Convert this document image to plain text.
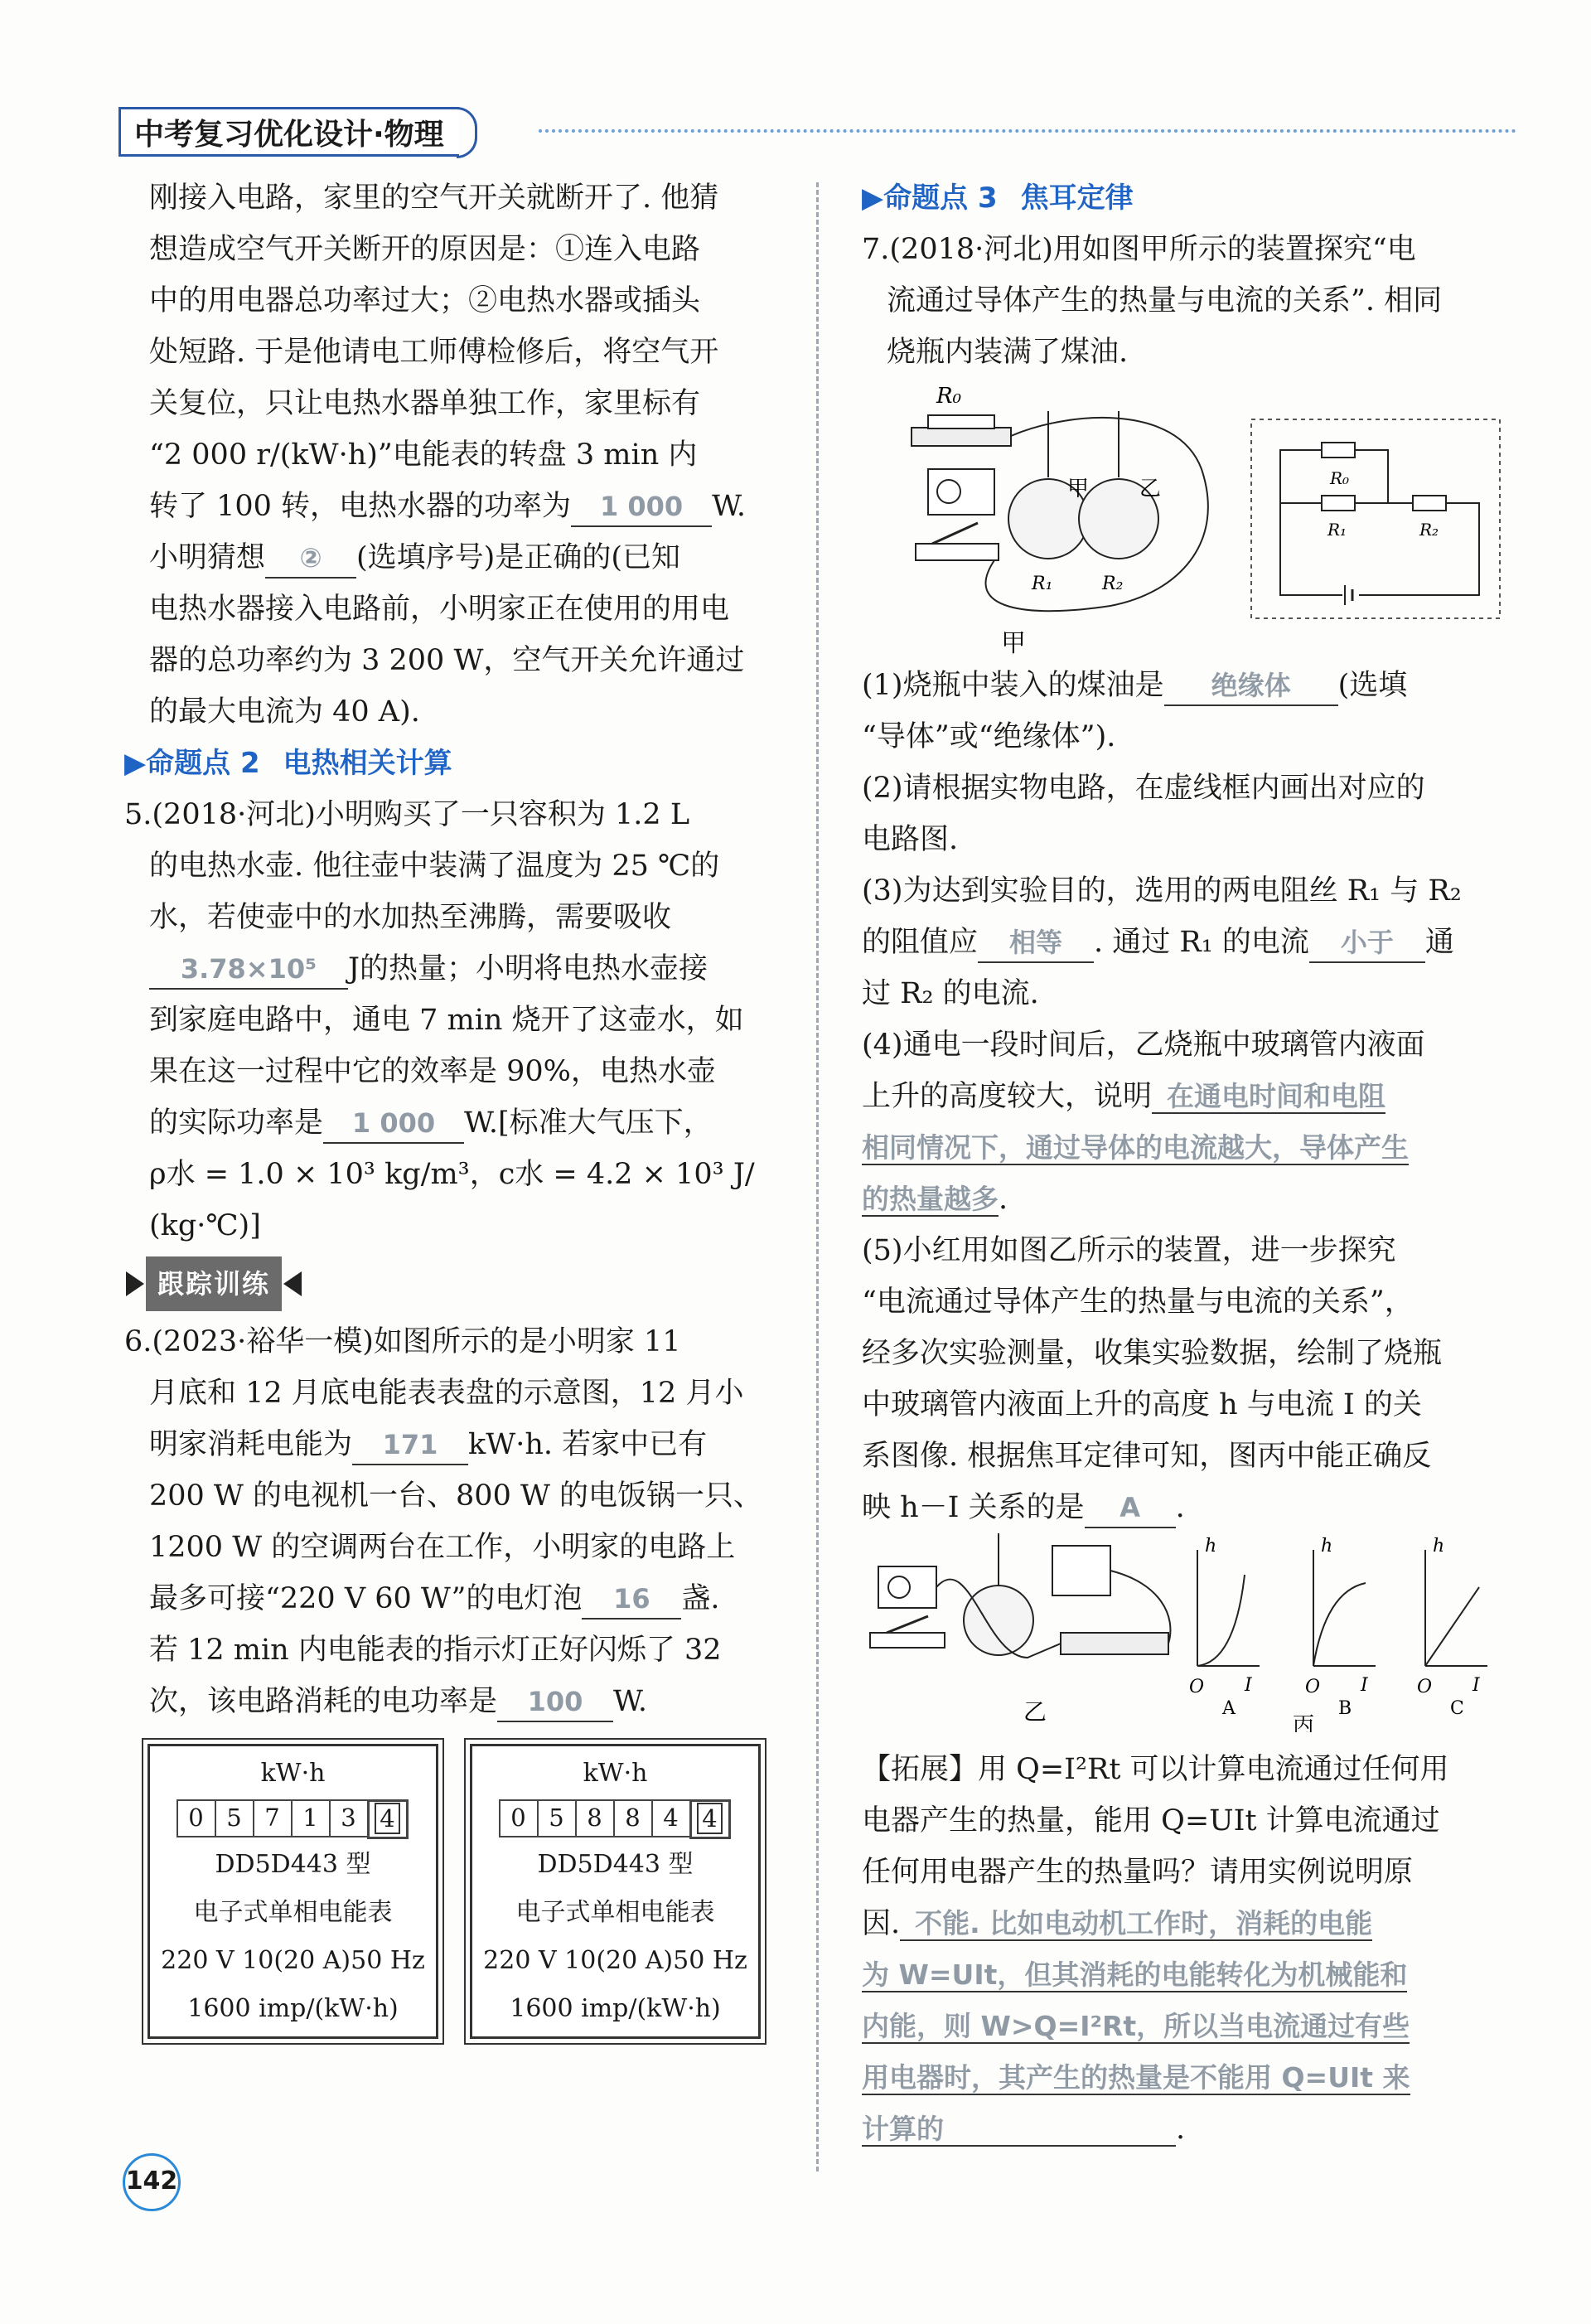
中考复习优化设计·物理

刚接入电路，家里的空气开关就断开了. 他猜

想造成空气开关断开的原因是：①连入电路

中的用电器总功率过大；②电热水器或插头

处短路. 于是他请电工师傅检修后，将空气开

关复位，只让电热水器单独工作，家里标有

“2 000 r/(kW·h)”电能表的转盘 3 min 内

转了 100 转，电热水器的功率为 1 000 W.

小明猜想 ② (选填序号)是正确的(已知

电热水器接入电路前，小明家正在使用的用电

器的总功率约为 3 200 W，空气开关允许通过

的最大电流为 40 A).

▶命题点 2 电热相关计算

5.(2018·河北)小明购买了一只容积为 1.2 L

的电热水壶. 他往壶中装满了温度为 25 ℃的

水，若使壶中的水加热至沸腾，需要吸收

3.78×10⁵ J的热量；小明将电热水壶接

到家庭电路中，通电 7 min 烧开了这壶水，如

果在这一过程中它的效率是 90%，电热水壶

的实际功率是 1 000 W.[标准大气压下，

ρ水 = 1.0 × 10³ kg/m³，c水 = 4.2 × 10³ J/

(kg·℃)]

跟踪训练

6.(2023·裕华一模)如图所示的是小明家 11

月底和 12 月底电能表表盘的示意图，12 月小

明家消耗电能为 171 kW·h. 若家中已有

200 W 的电视机一台、800 W 的电饭锅一只、

1200 W 的空调两台在工作，小明家的电路上

最多可接“220 V 60 W”的电灯泡 16 盏.

若 12 min 内电能表的指示灯正好闪烁了 32

次，该电路消耗的电功率是 100 W.

kW·h
0 5 7 1 3 4
DD5D443 型
电子式单相电能表
220 V 10(20 A)50 Hz
1600 imp/(kW·h)
kW·h
0 5 8 8 4 4
DD5D443 型
电子式单相电能表
220 V 10(20 A)50 Hz
1600 imp/(kW·h)
▶命题点 3 焦耳定律

7.(2018·河北)用如图甲所示的装置探究“电

流通过导体产生的热量与电流的关系”. 相同

烧瓶内装满了煤油.

R₀
甲 乙
R₁	R₂
甲
R₀
R₁	R₂

(1)烧瓶中装入的煤油是 绝缘体 (选填

“导体”或“绝缘体”).

(2)请根据实物电路，在虚线框内画出对应的

电路图.

(3)为达到实验目的，选用的两电阻丝 R₁ 与 R₂

的阻值应 相等 . 通过 R₁ 的电流 小于 通

过 R₂ 的电流.

(4)通电一段时间后，乙烧瓶中玻璃管内液面

上升的高度较大，说明 在通电时间和电阻

相同情况下，通过导体的电流越大，导体产生

的热量越多.

(5)小红用如图乙所示的装置，进一步探究

“电流通过导体产生的热量与电流的关系”，

经多次实验测量，收集实验数据，绘制了烧瓶

中玻璃管内液面上升的高度 h 与电流 I 的关

系图像. 根据焦耳定律可知，图丙中能正确反

映 h－I 关系的是 A .

乙
O
h
I
A
O
h
I
B
O
h
I
C
丙

【拓展】用 Q=I²Rt 可以计算电流通过任何用

电器产生的热量，能用 Q=UIt 计算电流通过

任何用电器产生的热量吗？请用实例说明原

因. 不能. 比如电动机工作时，消耗的电能

为 W=UIt，但其消耗的电能转化为机械能和

内能，则 W>Q=I²Rt，所以当电流通过有些

用电器时，其产生的热量是不能用 Q=UIt 来

计算的	.

142
